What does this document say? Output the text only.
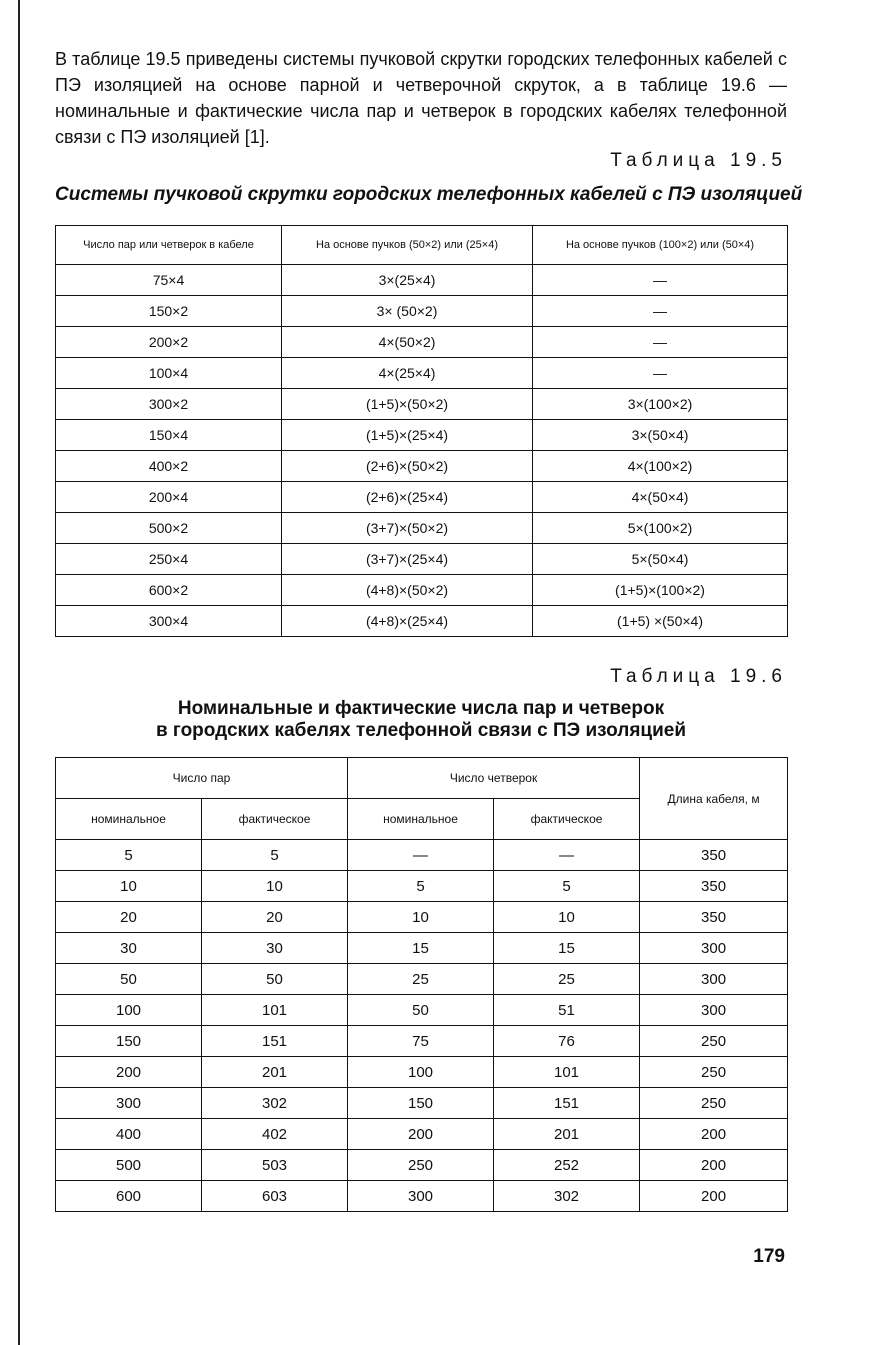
В таблице 19.5 приведены системы пучковой скрутки городских телефонных кабелей с ПЭ изоляцией на основе парной и четверочной скруток, а в таблице 19.6 — номинальные и фактические числа пар и четверок в городских кабелях телефонной связи с ПЭ изоляцией [1].

Таблица 19.5

Системы пучковой скрутки городских телефонных кабелей с ПЭ изоляцией

Число пар или четверок в кабеле	На основе пучков (50×2) или (25×4)	На основе пучков (100×2) или (50×4)
75×4	3×(25×4)	—
150×2	3× (50×2)	—
200×2	4×(50×2)	—
100×4	4×(25×4)	—
300×2	(1+5)×(50×2)	3×(100×2)
150×4	(1+5)×(25×4)	3×(50×4)
400×2	(2+6)×(50×2)	4×(100×2)
200×4	(2+6)×(25×4)	4×(50×4)
500×2	(3+7)×(50×2)	5×(100×2)
250×4	(3+7)×(25×4)	5×(50×4)
600×2	(4+8)×(50×2)	(1+5)×(100×2)
300×4	(4+8)×(25×4)	(1+5) ×(50×4)

Таблица 19.6

Номинальные и фактические числа пар и четверок
в городских кабелях телефонной связи с ПЭ изоляцией

Число пар		Число четверок		Длина кабеля, м
номинальное	фактическое	номинальное	фактическое	
5	5	—	—	350
10	10	5	5	350
20	20	10	10	350
30	30	15	15	300
50	50	25	25	300
100	101	50	51	300
150	151	75	76	250
200	201	100	101	250
300	302	150	151	250
400	402	200	201	200
500	503	250	252	200
600	603	300	302	200

179
